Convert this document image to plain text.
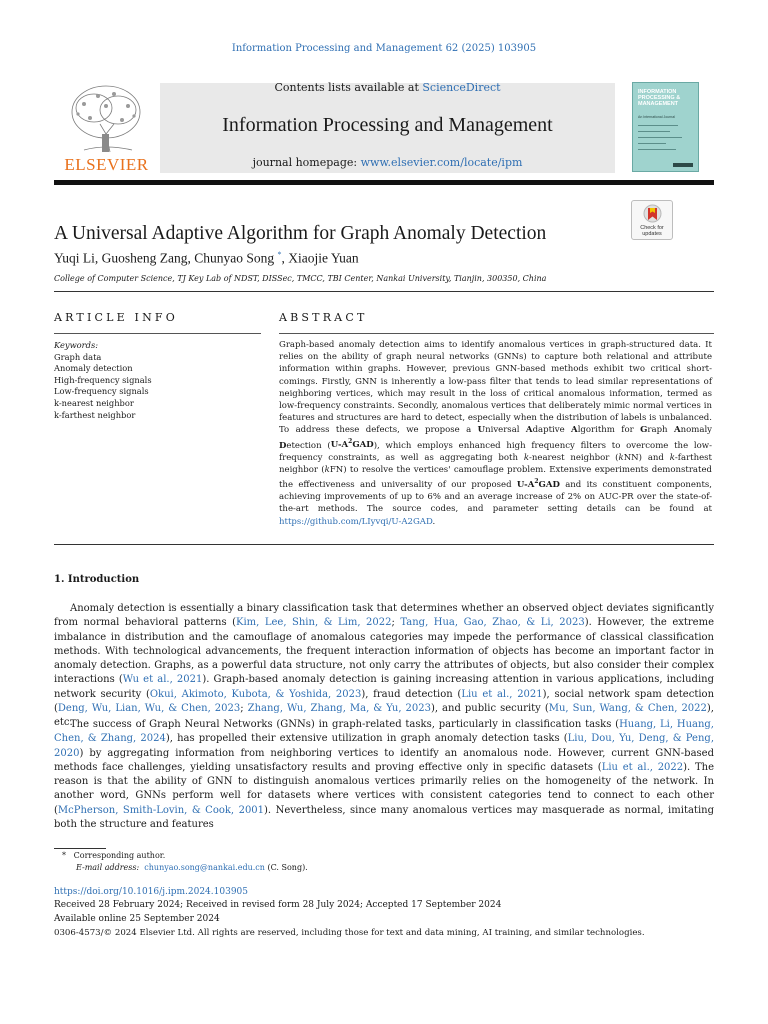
Information Processing and Management 62 (2025) 103905
ELSEVIER
Contents lists available at ScienceDirect
Information Processing and Management
journal homepage: www.elsevier.com/locate/ipm
INFORMATION PROCESSING & MANAGEMENT
An International Journal
Check for updates
A Universal Adaptive Algorithm for Graph Anomaly Detection
Yuqi Li, Guosheng Zang, Chunyao Song *, Xiaojie Yuan
College of Computer Science, TJ Key Lab of NDST, DISSec, TMCC, TBI Center, Nankai University, Tianjin, 300350, China
ARTICLE INFO
Keywords:
Graph data
Anomaly detection
High-frequency signals
Low-frequency signals
k-nearest neighbor
k-farthest neighbor
ABSTRACT
Graph-based anomaly detection aims to identify anomalous vertices in graph-structured data. It relies on the ability of graph neural networks (GNNs) to capture both relational and attribute information within graphs. However, previous GNN-based methods exhibit two critical short-comings. Firstly, GNN is inherently a low-pass filter that tends to lead similar representations of neighboring vertices, which may result in the loss of critical anomalous information, termed as low-frequency constraints. Secondly, anomalous vertices that deliberately mimic normal vertices in features and structures are hard to detect, especially when the distribution of labels is unbalanced. To address these defects, we propose a Universal Adaptive Algorithm for Graph Anomaly Detection $(U-A^2GAD)$, which employs enhanced high frequency filters to overcome the low-frequency constraints, as well as aggregating both k-nearest neighbor (kNN) and k-farthest neighbor (kFN) to resolve the vertices' camouflage problem. Extensive experiments demonstrated the effectiveness and universality of our proposed $U-A^2GAD$ and its constituent components, achieving improvements of up to 6% and an average increase of 2% on AUC-PR over the state-of-the-art methods. The source codes, and parameter setting details can be found at https://github.com/LIyvqi/U-A2GAD.
1. Introduction

Anomaly detection is essentially a binary classification task that determines whether an observed object deviates significantly from normal behavioral patterns (Kim, Lee, Shin, & Lim, 2022; Tang, Hua, Gao, Zhao, & Li, 2023). However, the extreme imbalance in distribution and the camouflage of anomalous categories may impede the performance of classical classification methods. With technological advancements, the frequent interaction information of objects has become an important factor in anomaly detection. Graphs, as a powerful data structure, not only carry the attributes of objects, but also consider their complex interactions (Wu et al., 2021). Graph-based anomaly detection is gaining increasing attention in various applications, including network security (Okui, Akimoto, Kubota, & Yoshida, 2023), fraud detection (Liu et al., 2021), social network spam detection (Deng, Wu, Lian, Wu, & Chen, 2023; Zhang, Wu, Zhang, Ma, & Yu, 2023), and public security (Mu, Sun, Wang, & Chen, 2022), etc.

The success of Graph Neural Networks (GNNs) in graph-related tasks, particularly in classification tasks (Huang, Li, Huang, Chen, & Zhang, 2024), has propelled their extensive utilization in graph anomaly detection tasks (Liu, Dou, Yu, Deng, & Peng, 2020) by aggregating information from neighboring vertices to identify an anomalous node. However, current GNN-based methods face challenges, yielding unsatisfactory results and proving effective only in specific datasets (Liu et al., 2022). The reason is that the ability of GNN to distinguish anomalous vertices primarily relies on the homogeneity of the network. In another word, GNNs perform well for datasets where vertices with consistent categories tend to connect to each other (McPherson, Smith-Lovin, & Cook, 2001). Nevertheless, since many anomalous vertices may masquerade as normal, imitating both the structure and features

* Corresponding author.
E-mail address: chunyao.song@nankai.edu.cn (C. Song).
https://doi.org/10.1016/j.ipm.2024.103905
Received 28 February 2024; Received in revised form 28 July 2024; Accepted 17 September 2024
Available online 25 September 2024
0306-4573/© 2024 Elsevier Ltd. All rights are reserved, including those for text and data mining, AI training, and similar technologies.
